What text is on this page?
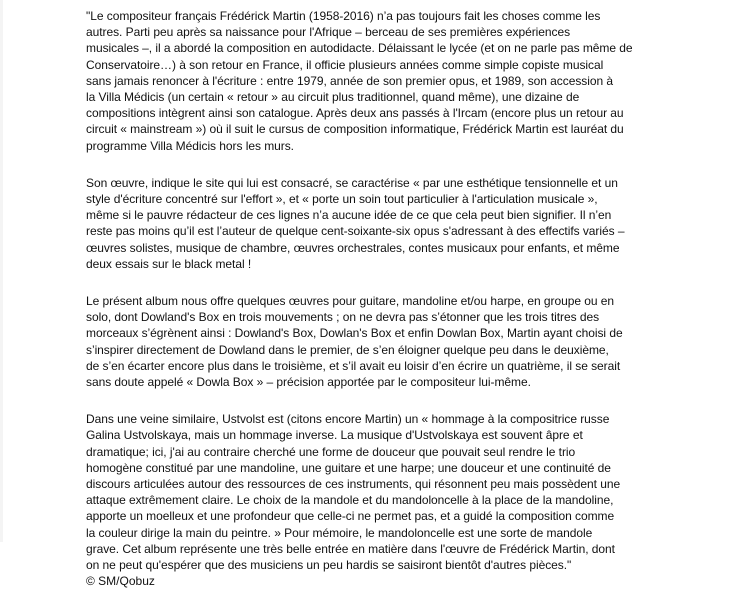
"Le compositeur français Frédérick Martin (1958-2016) n’a pas toujours fait les choses comme les
autres. Parti peu après sa naissance pour l'Afrique – berceau de ses premières expériences
musicales –, il a abordé la composition en autodidacte. Délaissant le lycée (et on ne parle pas même de
Conservatoire…) à son retour en France, il officie plusieurs années comme simple copiste musical
sans jamais renoncer à l'écriture : entre 1979, année de son premier opus, et 1989, son accession à
la Villa Médicis (un certain « retour » au circuit plus traditionnel, quand même), une dizaine de
compositions intègrent ainsi son catalogue. Après deux ans passés à l'Ircam (encore plus un retour au
circuit « mainstream ») où il suit le cursus de composition informatique, Frédérick Martin est lauréat du
programme Villa Médicis hors les murs.

Son œuvre, indique le site qui lui est consacré, se caractérise « par une esthétique tensionnelle et un
style d'écriture concentré sur l'effort », et « porte un soin tout particulier à l'articulation musicale »,
même si le pauvre rédacteur de ces lignes n’a aucune idée de ce que cela peut bien signifier. Il n’en
reste pas moins qu’il est l’auteur de quelque cent-soixante-six opus s'adressant à des effectifs variés –
œuvres solistes, musique de chambre, œuvres orchestrales, contes musicaux pour enfants, et même
deux essais sur le black metal !

Le présent album nous offre quelques œuvres pour guitare, mandoline et/ou harpe, en groupe ou en
solo, dont Dowland's Box en trois mouvements ; on ne devra pas s’étonner que les trois titres des
morceaux s’égrènent ainsi : Dowland's Box, Dowlan's Box et enfin Dowlan Box, Martin ayant choisi de
s’inspirer directement de Dowland dans le premier, de s’en éloigner quelque peu dans le deuxième,
de s’en écarter encore plus dans le troisième, et s’il avait eu loisir d’en écrire un quatrième, il se serait
sans doute appelé « Dowla Box » – précision apportée par le compositeur lui-même.

Dans une veine similaire, Ustvolst est (citons encore Martin) un « hommage à la compositrice russe
Galina Ustvolskaya, mais un hommage inverse. La musique d'Ustvolskaya est souvent âpre et
dramatique; ici, j'ai au contraire cherché une forme de douceur que pouvait seul rendre le trio
homogène constitué par une mandoline, une guitare et une harpe; une douceur et une continuité de
discours articulées autour des ressources de ces instruments, qui résonnent peu mais possèdent une
attaque extrêmement claire. Le choix de la mandole et du mandoloncelle à la place de la mandoline,
apporte un moelleux et une profondeur que celle-ci ne permet pas, et a guidé la composition comme
la couleur dirige la main du peintre. » Pour mémoire, le mandoloncelle est une sorte de mandole
grave. Cet album représente une très belle entrée en matière dans l'œuvre de Frédérick Martin, dont
on ne peut qu'espérer que des musiciens un peu hardis se saisiront bientôt d'autres pièces."

© SM/Qobuz
